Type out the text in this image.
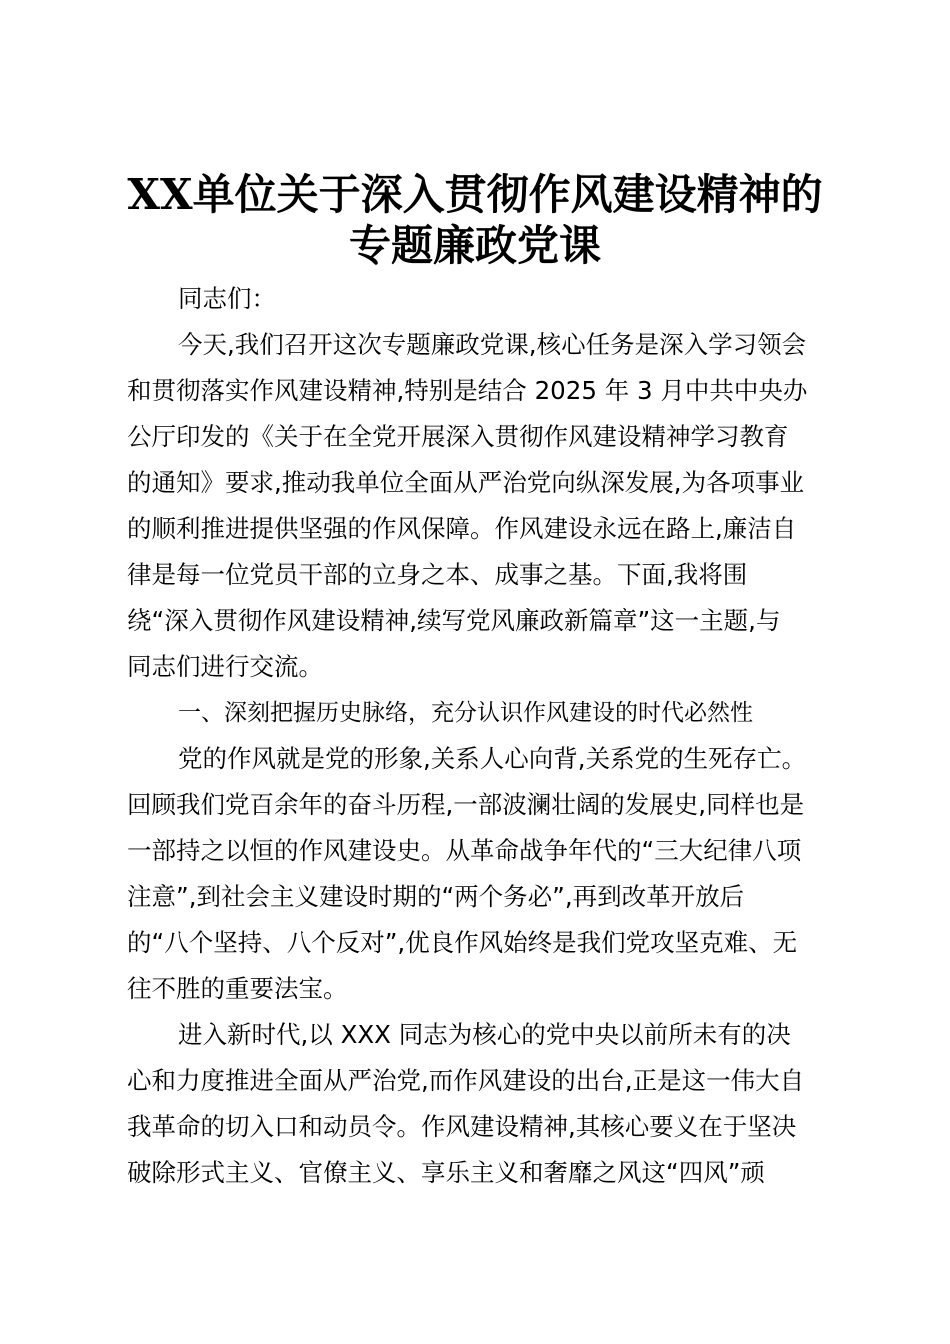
XX单位关于深入贯彻作风建设精神的
专题廉政党课
同志们：
今天,我们召开这次专题廉政党课,核心任务是深入学习领会
和贯彻落实作风建设精神,特别是结合 2025 年 3 月中共中央办
公厅印发的《关于在全党开展深入贯彻作风建设精神学习教育
的通知》要求,推动我单位全面从严治党向纵深发展,为各项事业
的顺利推进提供坚强的作风保障。作风建设永远在路上,廉洁自
律是每一位党员干部的立身之本、成事之基。下面,我将围
绕“深入贯彻作风建设精神,续写党风廉政新篇章”这一主题,与
同志们进行交流。
一、深刻把握历史脉络，充分认识作风建设的时代必然性
党的作风就是党的形象,关系人心向背,关系党的生死存亡。
回顾我们党百余年的奋斗历程,一部波澜壮阔的发展史,同样也是
一部持之以恒的作风建设史。从革命战争年代的“三大纪律八项
注意”,到社会主义建设时期的“两个务必”,再到改革开放后
的“八个坚持、八个反对”,优良作风始终是我们党攻坚克难、无
往不胜的重要法宝。
进入新时代,以 XXX 同志为核心的党中央以前所未有的决
心和力度推进全面从严治党,而作风建设的出台,正是这一伟大自
我革命的切入口和动员令。作风建设精神,其核心要义在于坚决
破除形式主义、官僚主义、享乐主义和奢靡之风这“四风”顽
